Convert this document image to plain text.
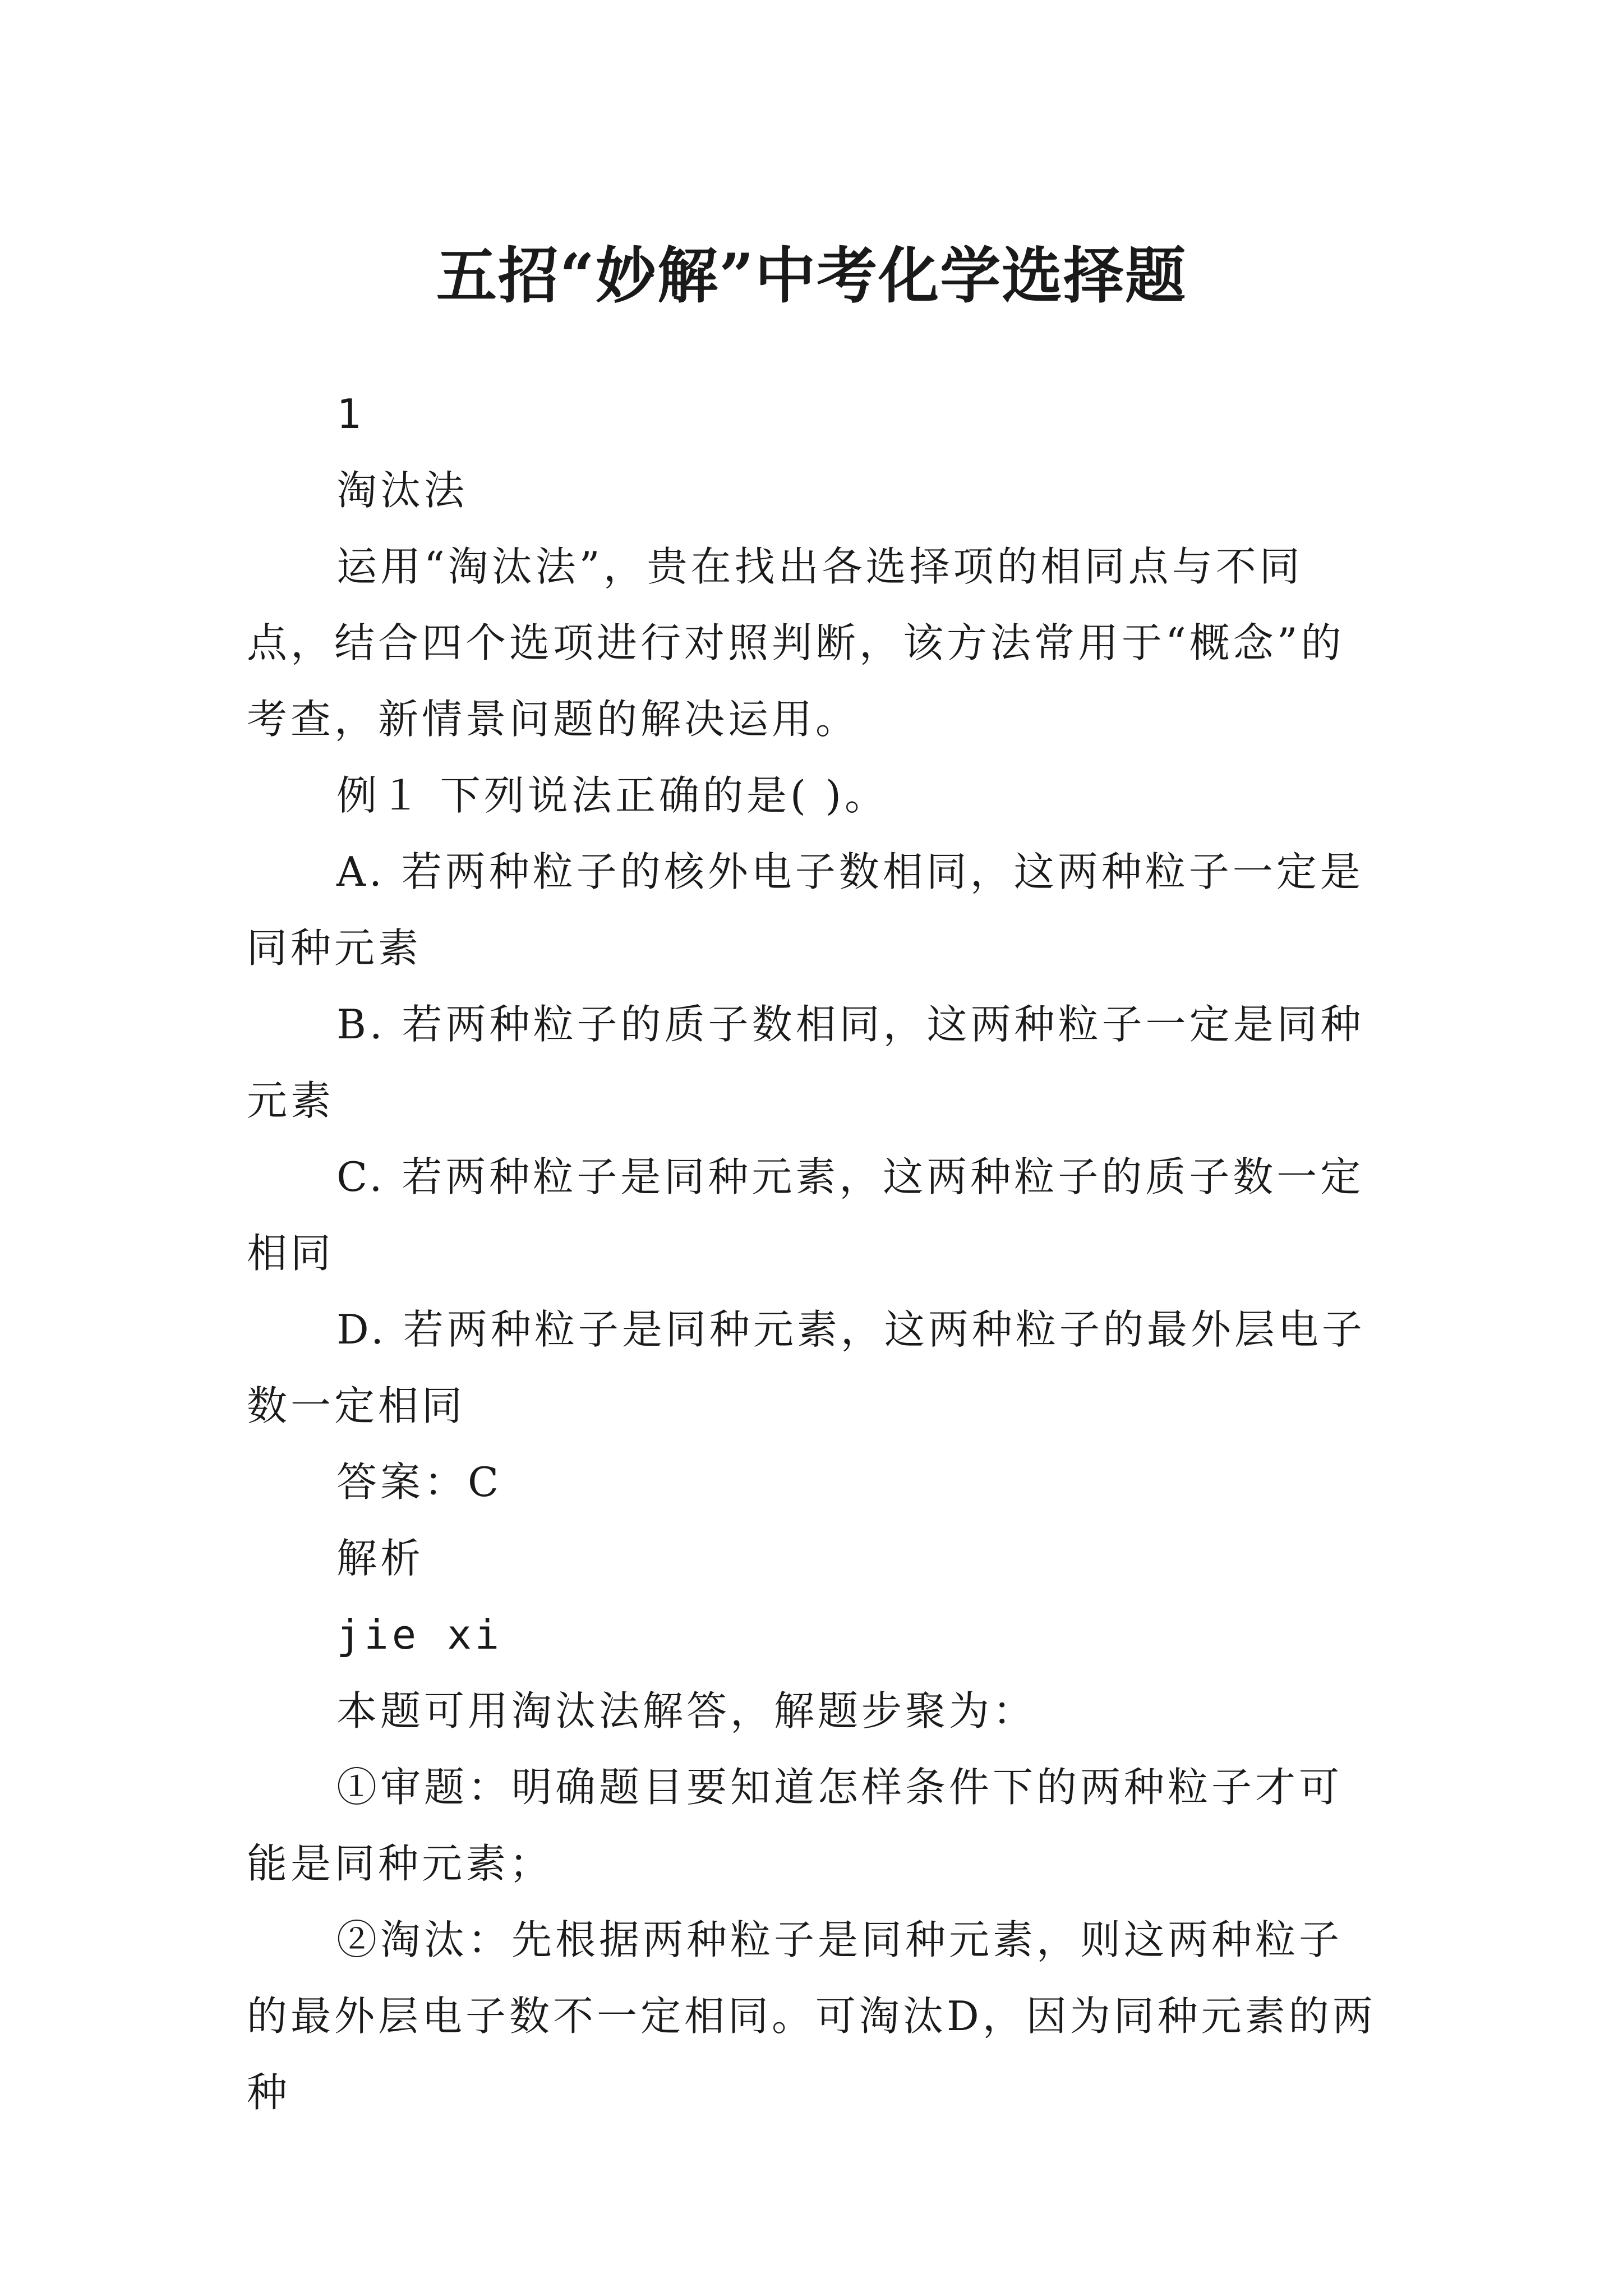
五招“妙解”中考化学选择题

1

淘汰法

运用“淘汰法”，贵在找出各选择项的相同点与不同点，结合四个选项进行对照判断，该方法常用于“概念”的考查，新情景问题的解决运用。

例１ 下列说法正确的是( )。

A. 若两种粒子的核外电子数相同，这两种粒子一定是同种元素

B. 若两种粒子的质子数相同，这两种粒子一定是同种元素

C. 若两种粒子是同种元素，这两种粒子的质子数一定相同

D. 若两种粒子是同种元素，这两种粒子的最外层电子数一定相同

答案：C

解析

jie xi

本题可用淘汰法解答，解题步聚为：

①审题：明确题目要知道怎样条件下的两种粒子才可能是同种元素；

②淘汰：先根据两种粒子是同种元素，则这两种粒子的最外层电子数不一定相同。可淘汰D，因为同种元素的两种
